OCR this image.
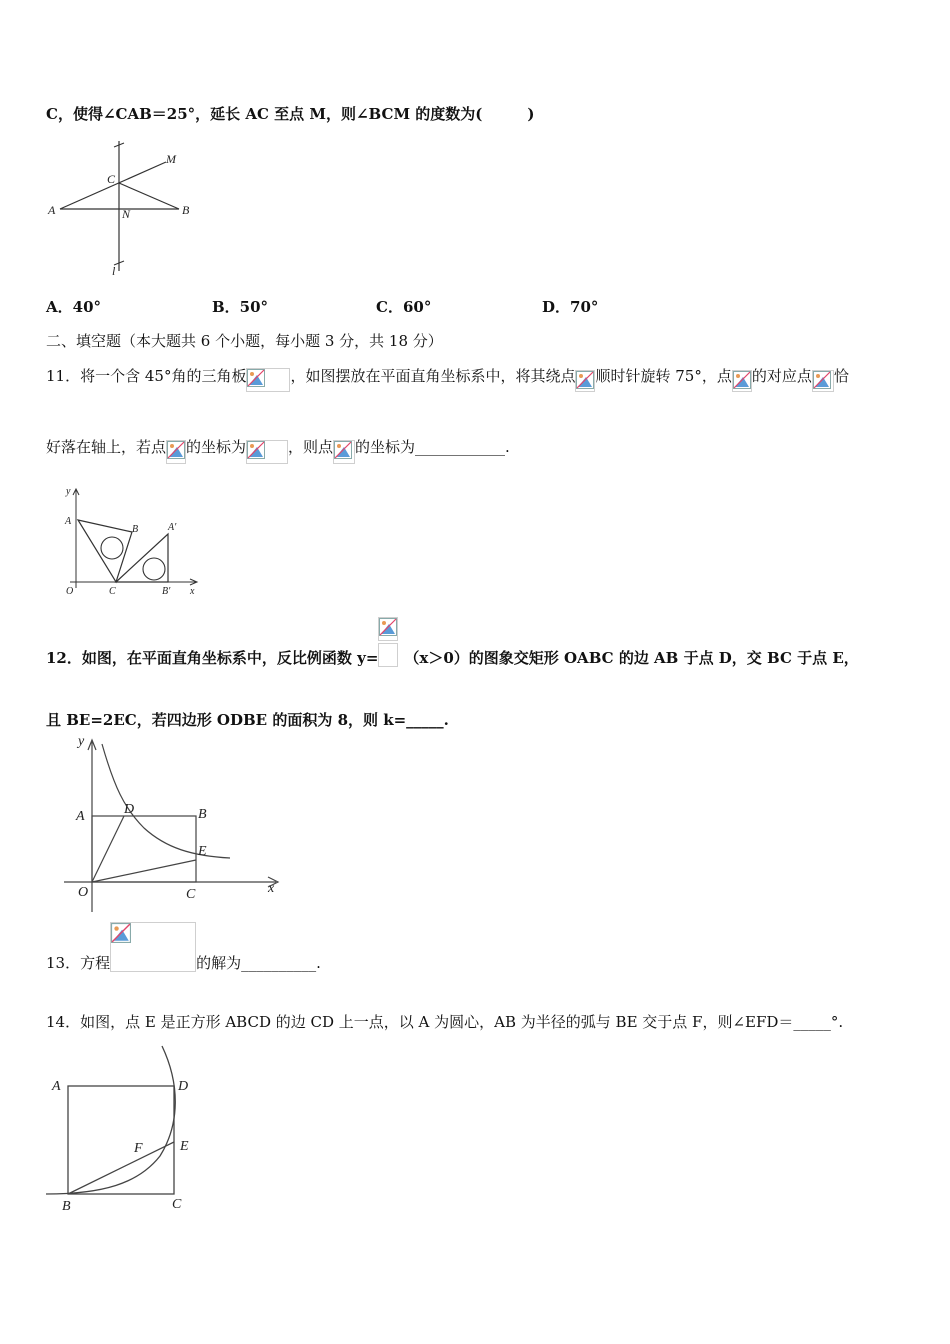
C，使得∠CAB＝25°，延长 AC 至点 M，则∠BCM 的度数为(　　　)
M
C
A	N	B
l
A．40°	B．50°	C．60°	D．70°
二、填空题（本大题共 6 个小题，每小题 3 分，共 18 分）
11．将一个含 45°角的三角板	，如图摆放在平面直角坐标系中，将其绕点 顺时针旋转 75°，点 的对应点 恰
好落在轴上，若点 的坐标为	，则点 的坐标为____________.
y
A
B	A′
O	C	B′ x
12．如图，在平面直角坐标系中，反比例函数 y= （x＞0）的图象交矩形 OABC 的边 AB 于点 D，交 BC 于点 E，
且 BE=2EC，若四边形 ODBE 的面积为 8，则 k=_____.
y
A	D	B
E
O	C	x
13．方程	的解为__________.
14．如图，点 E 是正方形 ABCD 的边 CD 上一点，以 A 为圆心，AB 为半径的弧与 BE 交于点 F，则∠EFD＝_____°.
A	D
F	E
B	C
